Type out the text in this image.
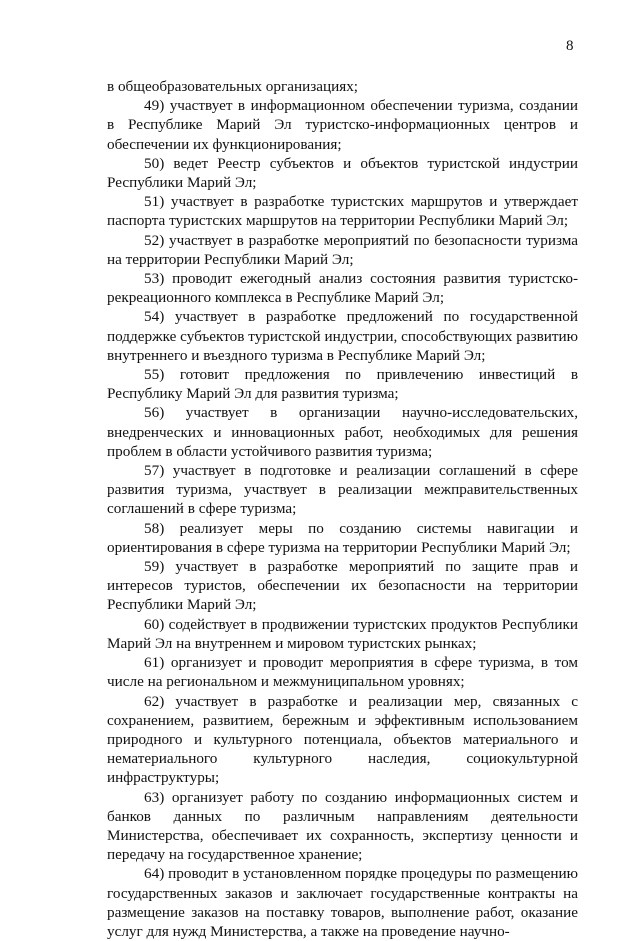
8

в общеобразовательных организациях;

49) участвует в информационном обеспечении туризма, создании в Республике Марий Эл туристско-информационных центров и обеспечении их функционирования;

50) ведет Реестр субъектов и объектов туристской индустрии Республики Марий Эл;

51) участвует в разработке туристских маршрутов и утверждает паспорта туристских маршрутов на территории Республики Марий Эл;

52) участвует в разработке мероприятий по безопасности туризма на территории Республики Марий Эл;

53) проводит ежегодный анализ состояния развития туристско-рекреационного комплекса в Республике Марий Эл;

54) участвует в разработке предложений по государственной поддержке субъектов туристской индустрии, способствующих развитию внутреннего и въездного туризма в Республике Марий Эл;

55) готовит предложения по привлечению инвестиций в Республику Марий Эл для развития туризма;

56) участвует в организации научно-исследовательских, внедренческих и инновационных работ, необходимых для решения проблем в области устойчивого развития туризма;

57) участвует в подготовке и реализации соглашений в сфере развития туризма, участвует в реализации межправительственных соглашений в сфере туризма;

58) реализует меры по созданию системы навигации и ориентирования в сфере туризма на территории Республики Марий Эл;

59) участвует в разработке мероприятий по защите прав и интересов туристов, обеспечении их безопасности на территории Республики Марий Эл;

60) содействует в продвижении туристских продуктов Республики Марий Эл на внутреннем и мировом туристских рынках;

61) организует и проводит мероприятия в сфере туризма, в том числе на региональном и межмуниципальном уровнях;

62) участвует в разработке и реализации мер, связанных с сохранением, развитием, бережным и эффективным использованием природного и культурного потенциала, объектов материального и нематериального культурного наследия, социокультурной инфраструктуры;

63) организует работу по созданию информационных систем и банков данных по различным направлениям деятельности Министерства, обеспечивает их сохранность, экспертизу ценности и передачу на государственное хранение;

64) проводит в установленном порядке процедуры по размещению государственных заказов и заключает государственные контракты на размещение заказов на поставку товаров, выполнение работ, оказание услуг для нужд Министерства, а также на проведение научно-
